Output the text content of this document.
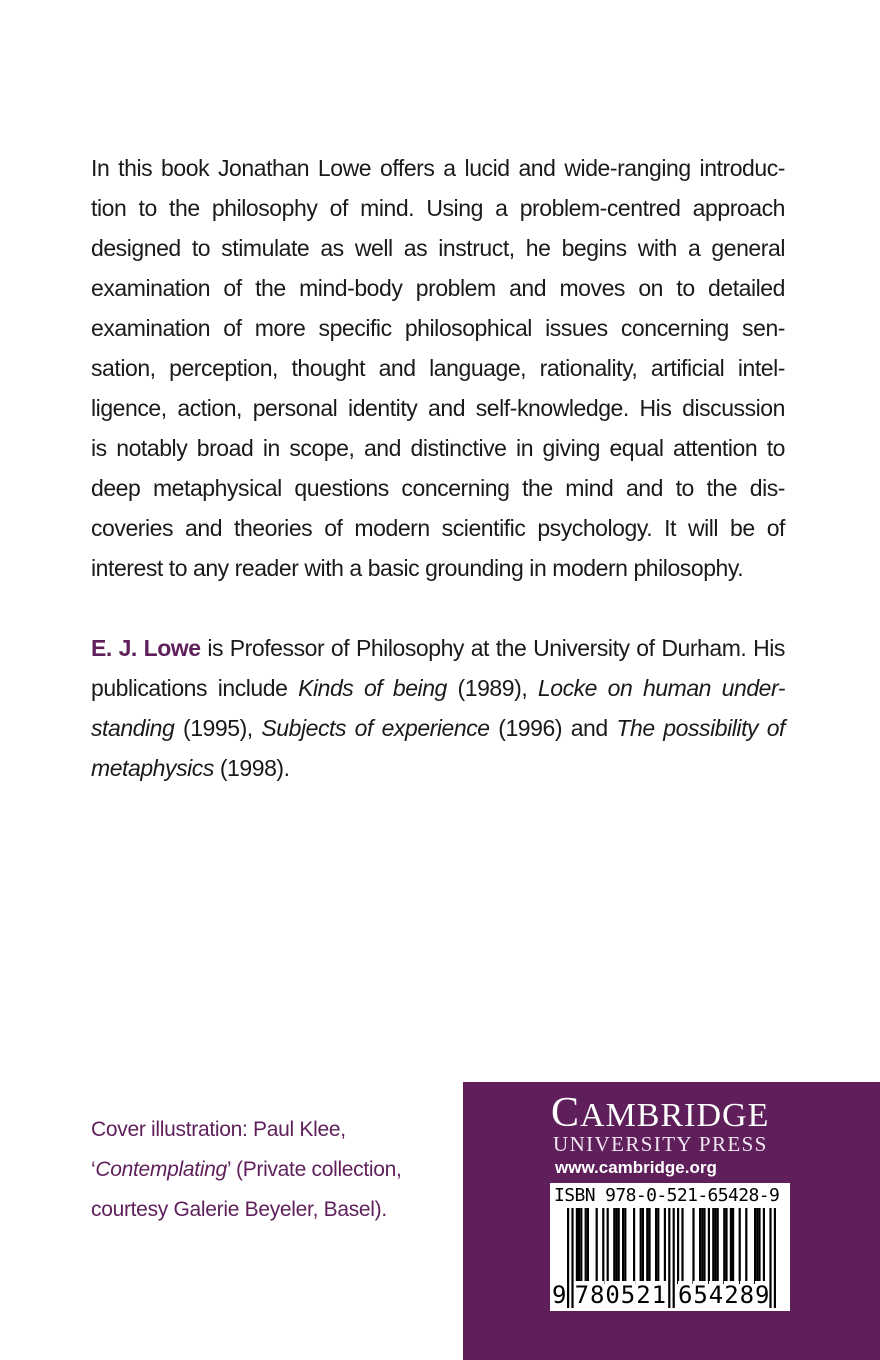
In this book Jonathan Lowe offers a lucid and wide-ranging introduc-
tion to the philosophy of mind. Using a problem-centred approach
designed to stimulate as well as instruct, he begins with a general
examination of the mind-body problem and moves on to detailed
examination of more specific philosophical issues concerning sen-
sation, perception, thought and language, rationality, artificial intel-
ligence, action, personal identity and self-knowledge. His discussion
is notably broad in scope, and distinctive in giving equal attention to
deep metaphysical questions concerning the mind and to the dis-
coveries and theories of modern scientific psychology. It will be of
interest to any reader with a basic grounding in modern philosophy.
E. J. Lowe is Professor of Philosophy at the University of Durham. His
publications include Kinds of being (1989), Locke on human under-
standing (1995), Subjects of experience (1996) and The possibility of
metaphysics (1998).
Cover illustration: Paul Klee,
‘Contemplating’ (Private collection,
courtesy Galerie Beyeler, Basel).
CAMBRIDGE
UNIVERSITY PRESS
www.cambridge.org
ISBN 978-0-521-65428-9
9 7 8 0 5 2 1 6 5 4 2 8 9
